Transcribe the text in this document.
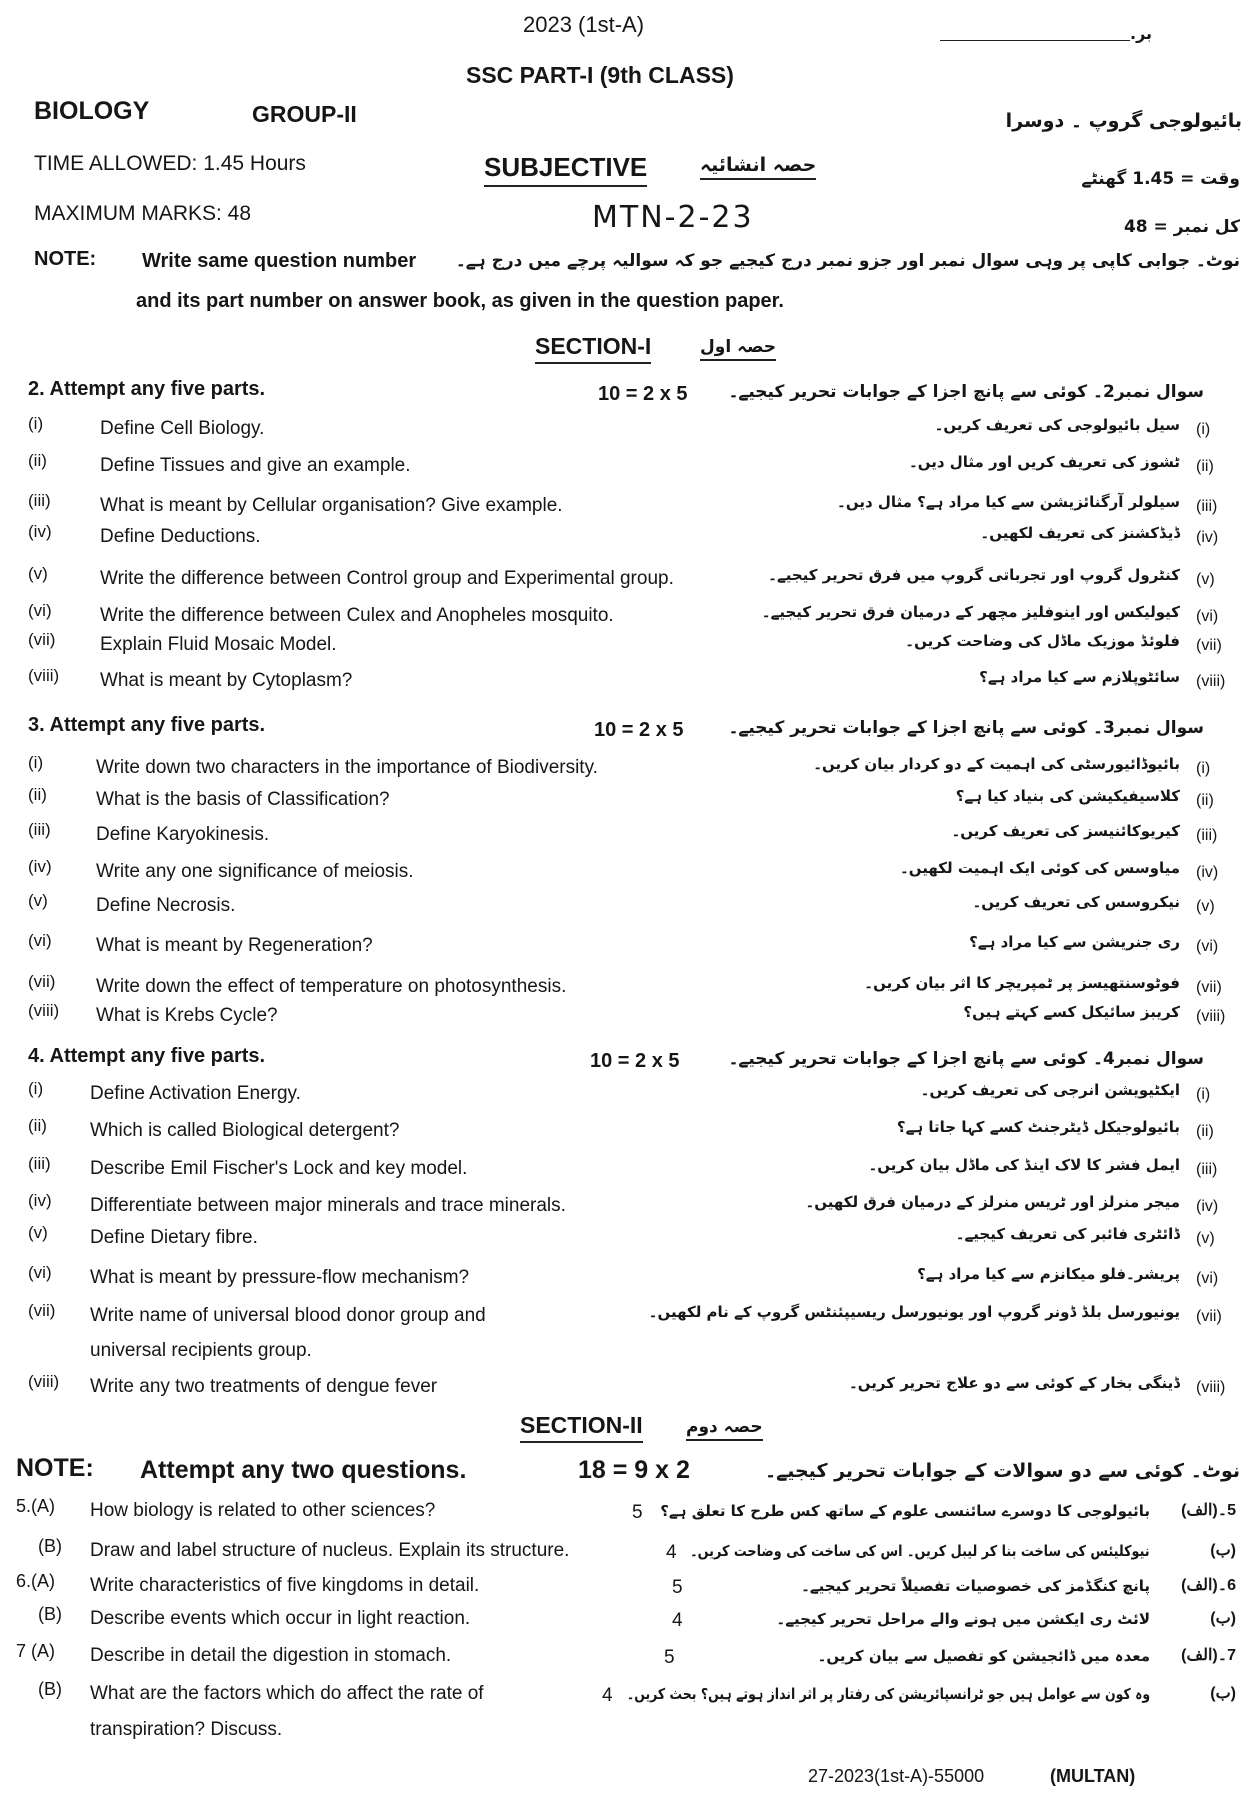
2023 (1st-A)	بر.
SSC PART-I (9th CLASS)
BIOLOGY	GROUP-II	بائیولوجی گروپ ۔ دوسرا
TIME ALLOWED: 1.45 Hours	SUBJECTIVE	حصہ انشائیہ
وقت = 1.45 گھنٹے
MAXIMUM MARKS: 48	MTN-2-23	کل نمبر = 48
NOTE: Write same question number نوٹ۔ جوابی کاپی پر وہی سوال نمبر اور جزو نمبر درج کیجیے جو کہ سوالیہ پرچے میں درج ہے۔
and its part number on answer book, as given in the question paper.
SECTION-I	حصہ اول
2. Attempt any five parts.	10 = 2 x 5 سوال نمبر2۔ کوئی سے پانچ اجزا کے جوابات تحریر کیجیے۔
(i)	Define Cell Biology.	(i)
سیل بائیولوجی کی تعریف کریں۔
(ii)	Define Tissues and give an example.	(ii)
ٹشوز کی تعریف کریں اور مثال دیں۔
(iii)	What is meant by Cellular organisation? Give example.	(iii)
سیلولر آرگنائزیشن سے کیا مراد ہے؟ مثال دیں۔
(iv)	Define Deductions.	(iv)
ڈیڈکشنز کی تعریف لکھیں۔
(v)	Write the difference between Control group and Experimental group.	(v)
کنٹرول گروپ اور تجرباتی گروپ میں فرق تحریر کیجیے۔
(vi)	Write the difference between Culex and Anopheles mosquito.	(vi)
کیولیکس اور اینوفلیز مچھر کے درمیان فرق تحریر کیجیے۔
(vii) Explain Fluid Mosaic Model.	(vii)
فلوئڈ موزیک ماڈل کی وضاحت کریں۔
(viii) What is meant by Cytoplasm?	(viii)
سائٹوپلازم سے کیا مراد ہے؟
3. Attempt any five parts.	10 = 2 x 5	سوال نمبر3۔ کوئی سے پانچ اجزا کے جوابات تحریر کیجیے۔
(i)	Write down two characters in the importance of Biodiversity.	(i)
بائیوڈائیورسٹی کی اہمیت کے دو کردار بیان کریں۔
(ii)	What is the basis of Classification?	(ii)
کلاسیفیکیشن کی بنیاد کیا ہے؟
(iii) Define Karyokinesis.	(iii)
کیریوکائنیسز کی تعریف کریں۔
(iv) Write any one significance of meiosis.	(iv)
میاوسس کی کوئی ایک اہمیت لکھیں۔
(v)	Define Necrosis.	(v)
نیکروسس کی تعریف کریں۔
(vi) What is meant by Regeneration?	(vi)
ری جنریشن سے کیا مراد ہے؟
(vii) Write down the effect of temperature on photosynthesis.	(vii)
فوٹوسنتھیسز پر ٹمپریچر کا اثر بیان کریں۔
(viii) What is Krebs Cycle?	(viii)
کریبز سائیکل کسے کہتے ہیں؟
4. Attempt any five parts.	10 = 2 x 5	سوال نمبر4۔ کوئی سے پانچ اجزا کے جوابات تحریر کیجیے۔
(i) Define Activation Energy.	(i)
ایکٹیویشن انرجی کی تعریف کریں۔
(ii) Which is called Biological detergent?	(ii)
بائیولوجیکل ڈیٹرجنٹ کسے کہا جاتا ہے؟
(iii) Describe Emil Fischer's Lock and key model.	(iii)
ایمل فشر کا لاک اینڈ کی ماڈل بیان کریں۔
(iv) Differentiate between major minerals and trace minerals.	(iv)
میجر منرلز اور ٹریس منرلز کے درمیان فرق لکھیں۔
(v) Define Dietary fibre.	(v)
ڈائٹری فائبر کی تعریف کیجیے۔
(vi) What is meant by pressure-flow mechanism?	(vi)
پریشر۔فلو میکانزم سے کیا مراد ہے؟
(vii) Write name of universal blood donor group and
universal recipients group.
(vii)
یونیورسل بلڈ ڈونر گروپ اور یونیورسل ریسیپئنٹس گروپ کے نام لکھیں۔
(viii) Write any two treatments of dengue fever	(viii)
ڈینگی بخار کے کوئی سے دو علاج تحریر کریں۔
SECTION-II	حصہ دوم
NOTE: Attempt any two questions.	18 = 9 x 2	نوٹ۔ کوئی سے دو سوالات کے جوابات تحریر کیجیے۔
5.(A) How biology is related to other sciences?	5	5۔(الف)
بائیولوجی کا دوسرے سائنسی علوم کے ساتھ کس طرح کا تعلق ہے؟
(B) Draw and label structure of nucleus. Explain its structure.	4	(ب)
نیوکلیئس کی ساخت بنا کر لیبل کریں۔ اس کی ساخت کی وضاحت کریں۔
6.(A) Write characteristics of five kingdoms in detail.	5	6۔(الف)
پانچ کنگڈمز کی خصوصیات تفصیلاً تحریر کیجیے۔
(B) Describe events which occur in light reaction.	4	(ب)
لائٹ ری ایکشن میں ہونے والے مراحل تحریر کیجیے۔
7 (A) Describe in detail the digestion in stomach.	5	7۔(الف)
معدہ میں ڈائجیشن کو تفصیل سے بیان کریں۔
(B) What are the factors which do affect the rate of
transpiration? Discuss.
4	(ب)
وہ کون سے عوامل ہیں جو ٹرانسپائریشن کی رفتار پر اثر انداز ہوتے ہیں؟ بحث کریں۔
27-2023(1st-A)-55000	(MULTAN)
